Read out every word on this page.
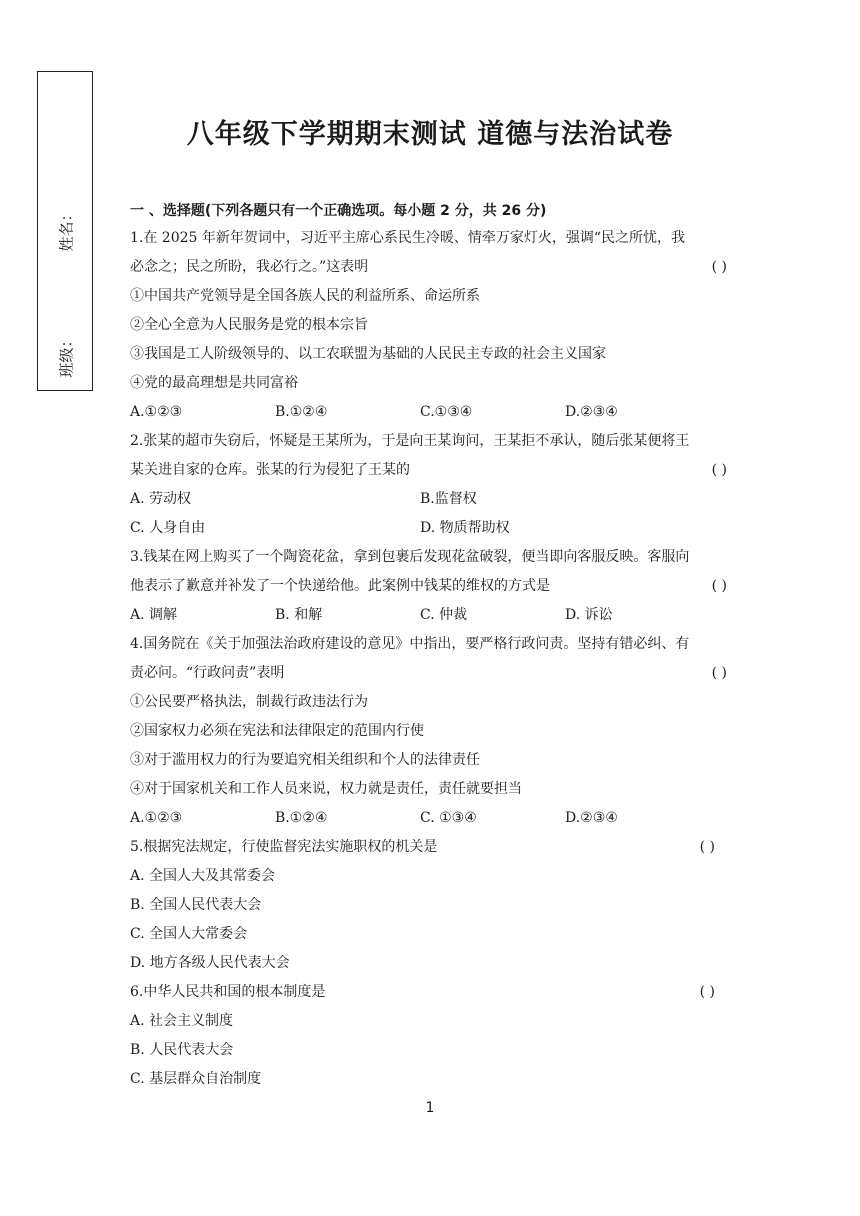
姓名：
班级：
八年级下学期期末测试 道德与法治试卷
一 、选择题(下列各题只有一个正确选项。每小题 2 分，共 26 分)
1.在 2025 年新年贺词中，习近平主席心系民生冷暖、情牵万家灯火，强调“民之所忧，我
必念之；民之所盼，我必行之。”这表明	( )
①中国共产党领导是全国各族人民的利益所系、命运所系
②全心全意为人民服务是党的根本宗旨
③我国是工人阶级领导的、以工农联盟为基础的人民民主专政的社会主义国家
④党的最高理想是共同富裕
A.①②③	B.①②④	C.①③④	D.②③④
2.张某的超市失窃后，怀疑是王某所为，于是向王某询问，王某拒不承认，随后张某便将王
某关进自家的仓库。张某的行为侵犯了王某的	( )
A. 劳动权	B.监督权
C. 人身自由	D. 物质帮助权
3.钱某在网上购买了一个陶瓷花盆，拿到包裹后发现花盆破裂，便当即向客服反映。客服向
他表示了歉意并补发了一个快递给他。此案例中钱某的维权的方式是	( )
A. 调解	B. 和解	C. 仲裁	D. 诉讼
4.国务院在《关于加强法治政府建设的意见》中指出，要严格行政问责。坚持有错必纠、有
责必问。“行政问责”表明	( )
①公民要严格执法，制裁行政违法行为
②国家权力必须在宪法和法律限定的范围内行使
③对于滥用权力的行为要追究相关组织和个人的法律责任
④对于国家机关和工作人员来说，权力就是责任，责任就要担当
A.①②③	B.①②④	C. ①③④	D.②③④
5.根据宪法规定，行使监督宪法实施职权的机关是	( )
A. 全国人大及其常委会
B. 全国人民代表大会
C. 全国人大常委会
D. 地方各级人民代表大会
6.中华人民共和国的根本制度是	( )
A. 社会主义制度
B. 人民代表大会
C. 基层群众自治制度
1
